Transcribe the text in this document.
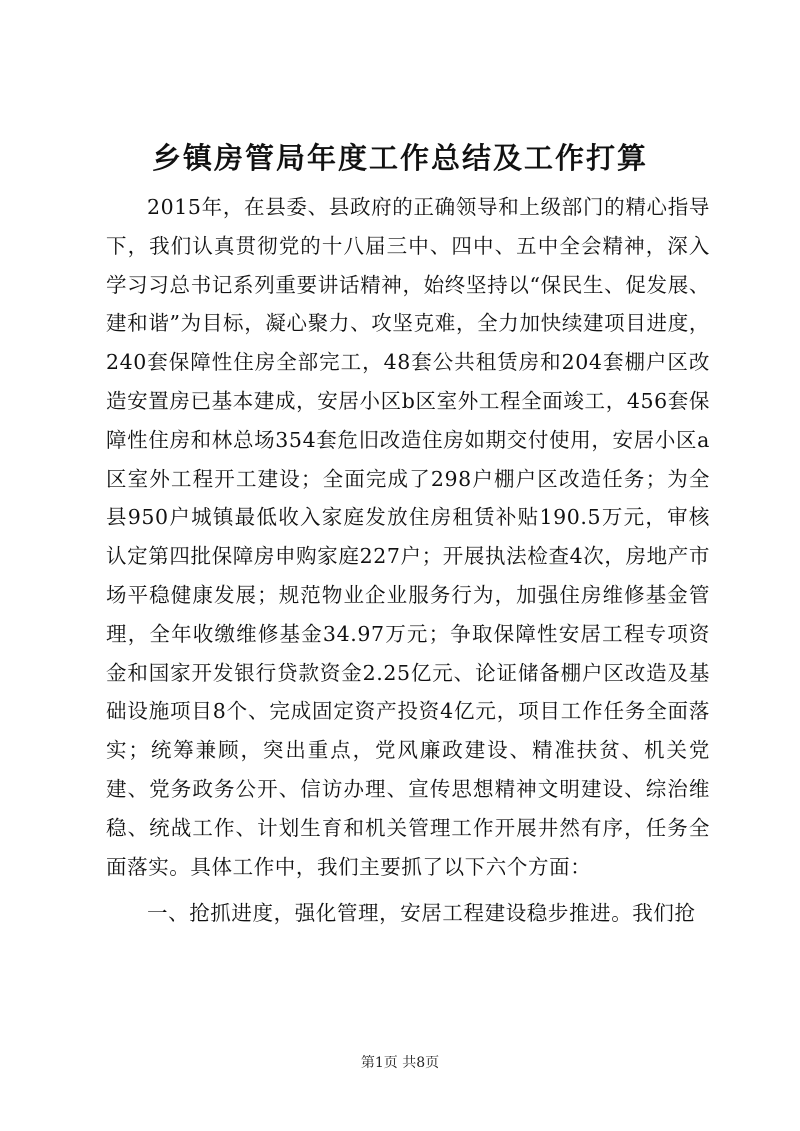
乡镇房管局年度工作总结及工作打算

2015年，在县委、县政府的正确领导和上级部门的精心指导下，我们认真贯彻党的十八届三中、四中、五中全会精神，深入学习习总书记系列重要讲话精神，始终坚持以“保民生、促发展、建和谐”为目标，凝心聚力、攻坚克难，全力加快续建项目进度，240套保障性住房全部完工，48套公共租赁房和204套棚户区改造安置房已基本建成，安居小区b区室外工程全面竣工，456套保障性住房和林总场354套危旧改造住房如期交付使用，安居小区a区室外工程开工建设；全面完成了298户棚户区改造任务；为全县950户城镇最低收入家庭发放住房租赁补贴190.5万元，审核认定第四批保障房申购家庭227户；开展执法检查4次，房地产市场平稳健康发展；规范物业企业服务行为，加强住房维修基金管理，全年收缴维修基金34.97万元；争取保障性安居工程专项资金和国家开发银行贷款资金2.25亿元、论证储备棚户区改造及基础设施项目8个、完成固定资产投资4亿元，项目工作任务全面落实；统筹兼顾，突出重点，党风廉政建设、精准扶贫、机关党建、党务政务公开、信访办理、宣传思想精神文明建设、综治维稳、统战工作、计划生育和机关管理工作开展井然有序，任务全面落实。具体工作中，我们主要抓了以下六个方面：

一、抢抓进度，强化管理，安居工程建设稳步推进。我们抢

第1页 共8页
